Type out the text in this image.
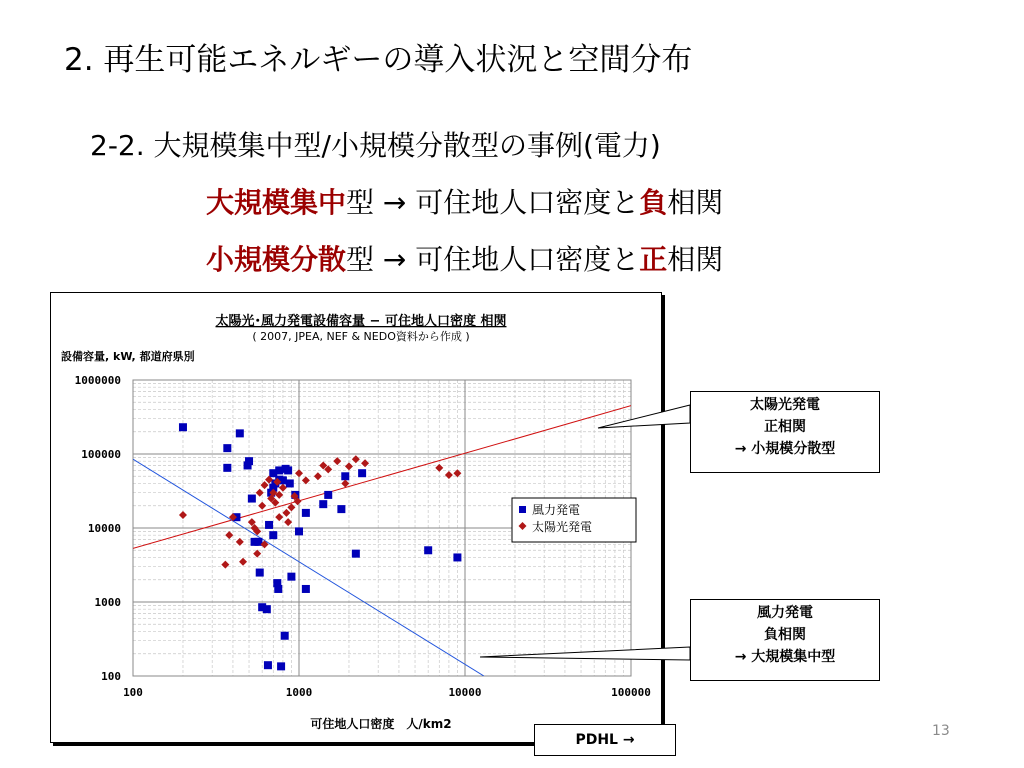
2. 再生可能エネルギーの導入状況と空間分布
2-2. 大規模集中型/小規模分散型の事例(電力)
大規模集中型 → 可住地人口密度と負相関
小規模分散型 → 可住地人口密度と正相関
太陽光･風力発電設備容量 − 可住地人口密度 相関
( 2007, JPEA, NEF & NEDO資料から作成 )
設備容量, kW, 都道府県別
可住地人口密度　人/km2
100	1000	10000	100000
100
1000
10000
100000
1000000
風力発電
太陽光発電
太陽光発電
正相関
→ 小規模分散型
風力発電
負相関
→ 大規模集中型
PDHL →
13
